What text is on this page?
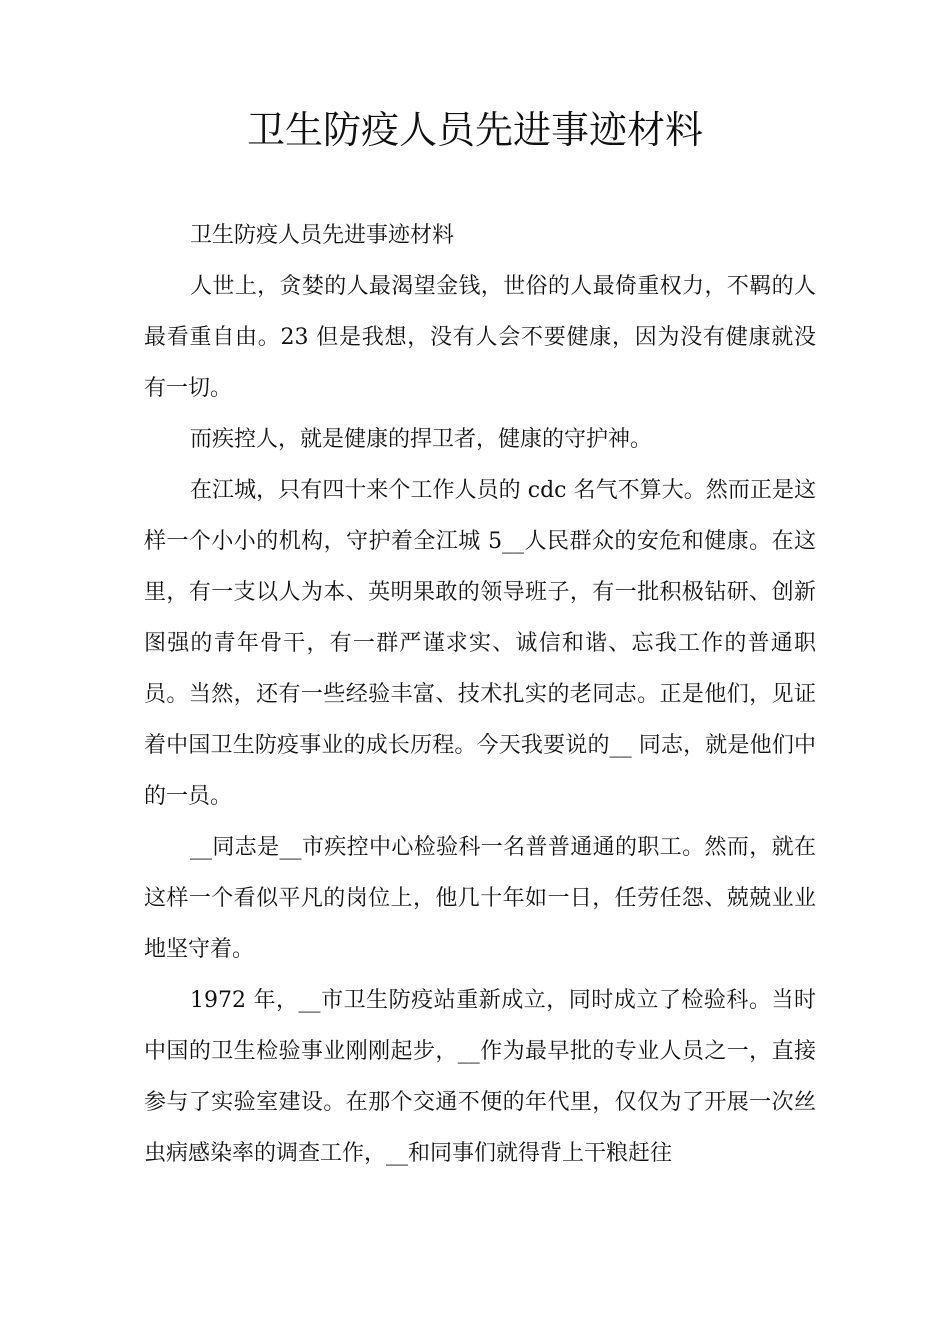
卫生防疫人员先进事迹材料

卫生防疫人员先进事迹材料

人世上，贪婪的人最渴望金钱，世俗的人最倚重权力，不羁的人最看重自由。23 但是我想，没有人会不要健康，因为没有健康就没有一切。

而疾控人，就是健康的捍卫者，健康的守护神。

在江城，只有四十来个工作人员的 cdc 名气不算大。然而正是这样一个小小的机构，守护着全江城 5__人民群众的安危和健康。在这里，有一支以人为本、英明果敢的领导班子，有一批积极钻研、创新图强的青年骨干，有一群严谨求实、诚信和谐、忘我工作的普通职员。当然，还有一些经验丰富、技术扎实的老同志。正是他们，见证着中国卫生防疫事业的成长历程。今天我要说的__ 同志，就是他们中的一员。

__同志是__市疾控中心检验科一名普普通通的职工。然而，就在这样一个看似平凡的岗位上，他几十年如一日，任劳任怨、兢兢业业地坚守着。

1972 年，__市卫生防疫站重新成立，同时成立了检验科。当时中国的卫生检验事业刚刚起步，__作为最早批的专业人员之一，直接参与了实验室建设。在那个交通不便的年代里，仅仅为了开展一次丝虫病感染率的调查工作，__和同事们就得背上干粮赶往
